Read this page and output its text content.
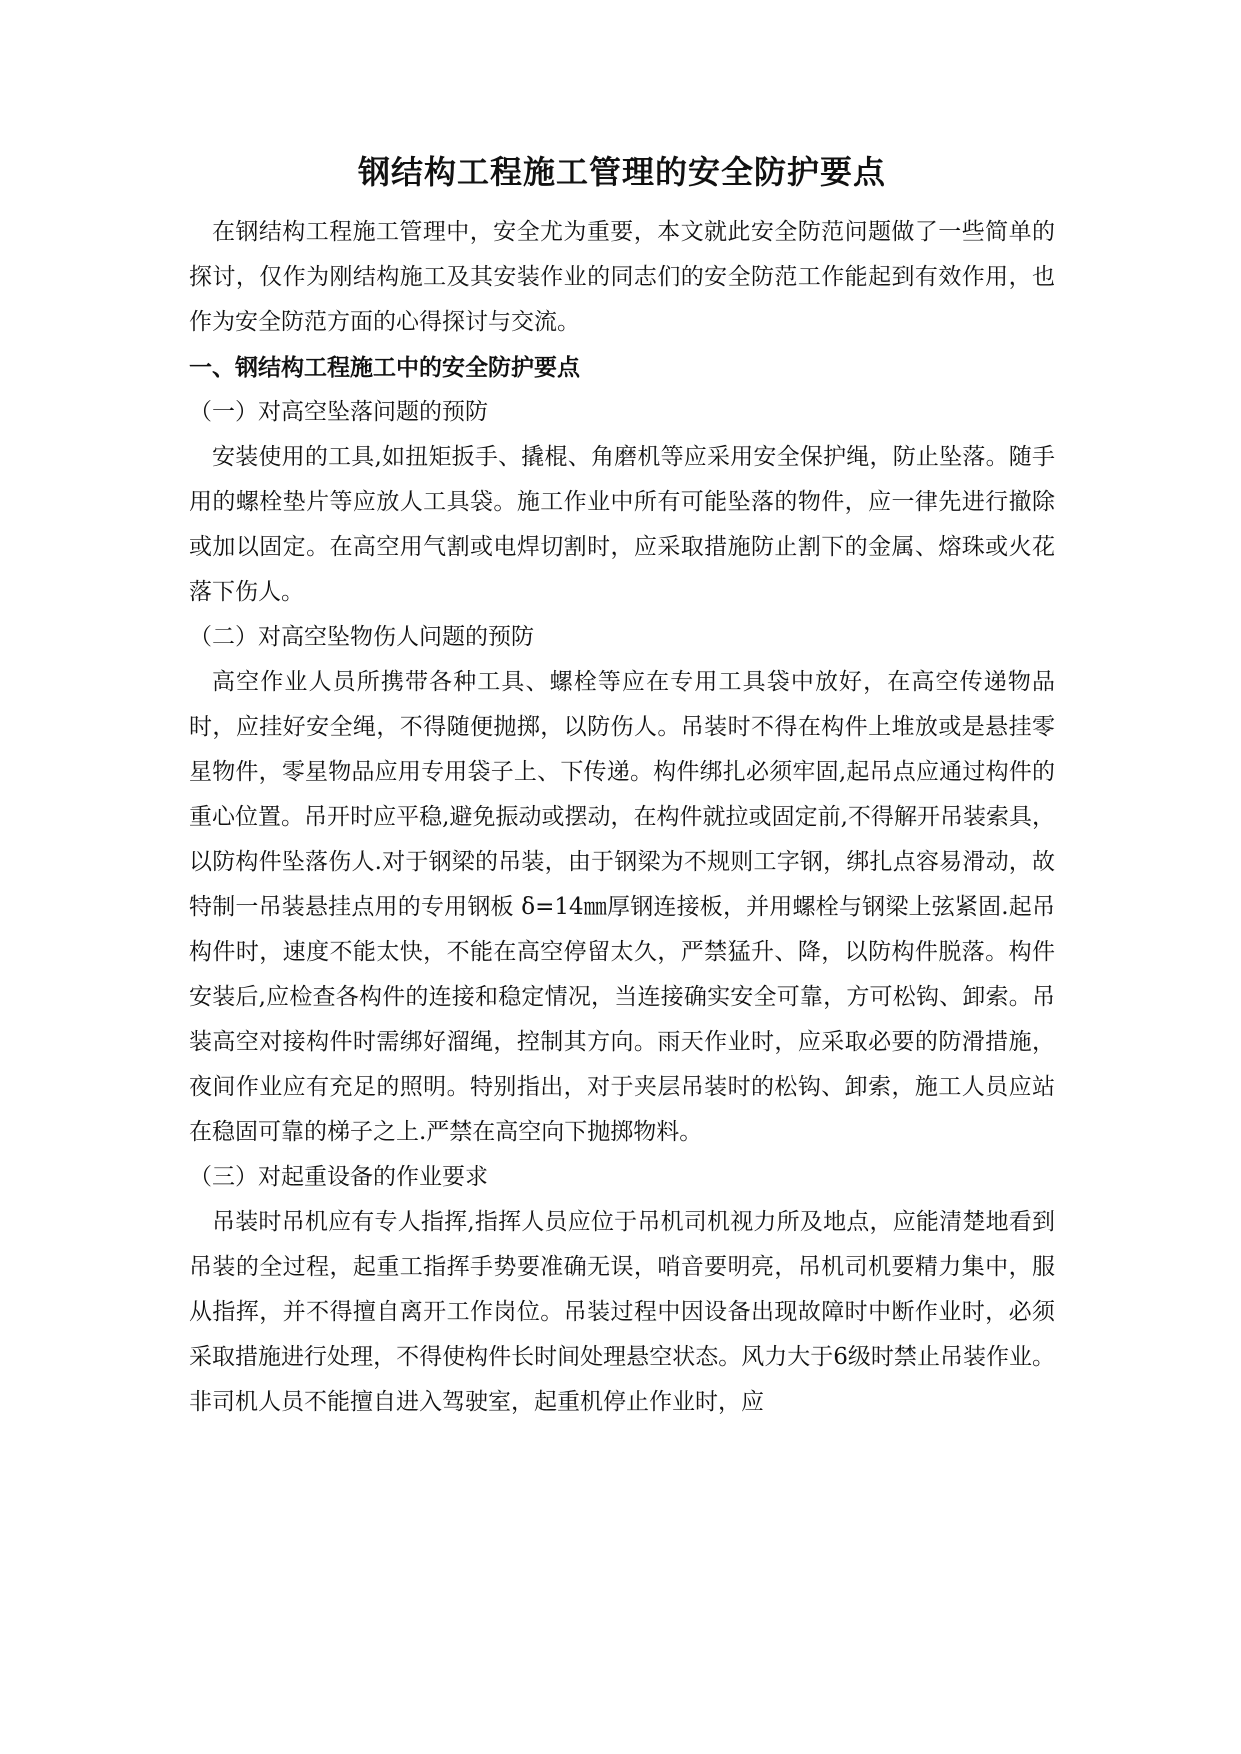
钢结构工程施工管理的安全防护要点

在钢结构工程施工管理中，安全尤为重要，本文就此安全防范问题做了一些简单的探讨，仅作为刚结构施工及其安装作业的同志们的安全防范工作能起到有效作用，也作为安全防范方面的心得探讨与交流。

一、钢结构工程施工中的安全防护要点

（一）对高空坠落问题的预防

安装使用的工具,如扭矩扳手、撬棍、角磨机等应采用安全保护绳，防止坠落。随手用的螺栓垫片等应放人工具袋。施工作业中所有可能坠落的物件，应一律先进行撤除或加以固定。在高空用气割或电焊切割时，应采取措施防止割下的金属、熔珠或火花落下伤人。

（二）对高空坠物伤人问题的预防

高空作业人员所携带各种工具、螺栓等应在专用工具袋中放好，在高空传递物品时，应挂好安全绳，不得随便抛掷，以防伤人。吊装时不得在构件上堆放或是悬挂零星物件，零星物品应用专用袋子上、下传递。构件绑扎必须牢固,起吊点应通过构件的重心位置。吊开时应平稳,避免振动或摆动，在构件就拉或固定前,不得解开吊装索具，以防构件坠落伤人.对于钢梁的吊装，由于钢梁为不规则工字钢，绑扎点容易滑动，故特制一吊装悬挂点用的专用钢板 δ=14㎜厚钢连接板，并用螺栓与钢梁上弦紧固.起吊构件时，速度不能太快，不能在高空停留太久，严禁猛升、降，以防构件脱落。构件安装后,应检查各构件的连接和稳定情况，当连接确实安全可靠，方可松钩、卸索。吊装高空对接构件时需绑好溜绳，控制其方向。雨天作业时，应采取必要的防滑措施，夜间作业应有充足的照明。特别指出，对于夹层吊装时的松钩、卸索，施工人员应站在稳固可靠的梯子之上.严禁在高空向下抛掷物料。

（三）对起重设备的作业要求

吊装时吊机应有专人指挥,指挥人员应位于吊机司机视力所及地点，应能清楚地看到吊装的全过程，起重工指挥手势要准确无误，哨音要明亮，吊机司机要精力集中，服从指挥，并不得擅自离开工作岗位。吊装过程中因设备出现故障时中断作业时，必须采取措施进行处理，不得使构件长时间处理悬空状态。风力大于6级时禁止吊装作业。非司机人员不能擅自进入驾驶室，起重机停止作业时，应
